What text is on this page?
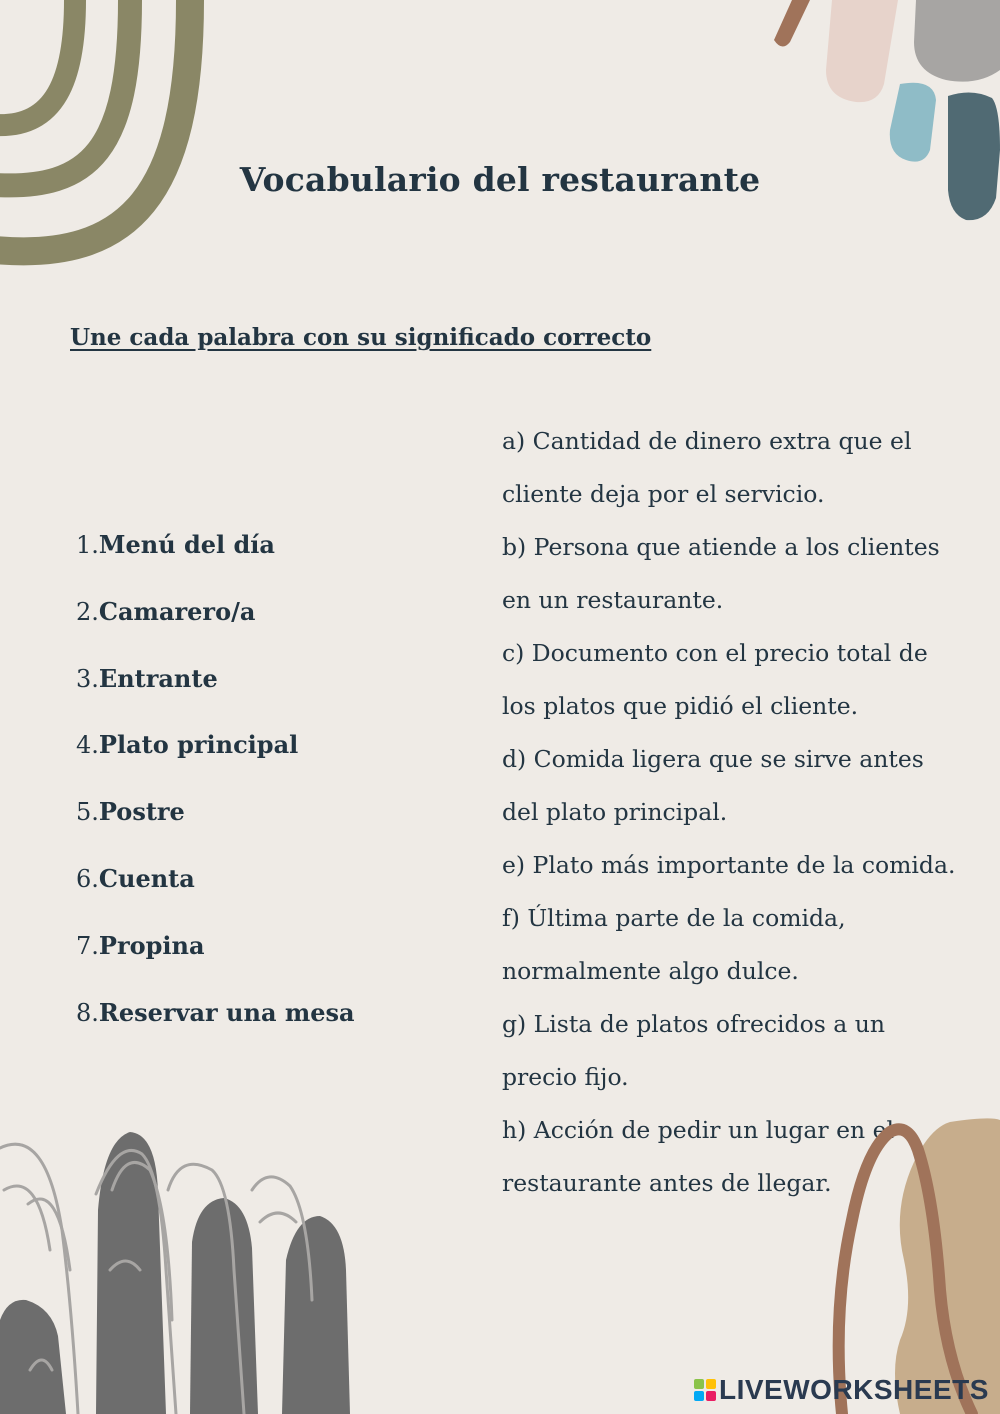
Vocabulario del restaurante
Une cada palabra con su significado correcto
1. Menú del día
2. Camarero/a
3. Entrante
4. Plato principal
5. Postre
6. Cuenta
7. Propina
8. Reservar una mesa
a) Cantidad de dinero extra que el cliente deja por el servicio.
b) Persona que atiende a los clientes en un restaurante.
c) Documento con el precio total de los platos que pidió el cliente.
d) Comida ligera que se sirve antes del plato principal.
e) Plato más importante de la comida.
f) Última parte de la comida, normalmente algo dulce.
g) Lista de platos ofrecidos a un precio fijo.
h) Acción de pedir un lugar en el restaurante antes de llegar.
LIVEWORKSHEETS
